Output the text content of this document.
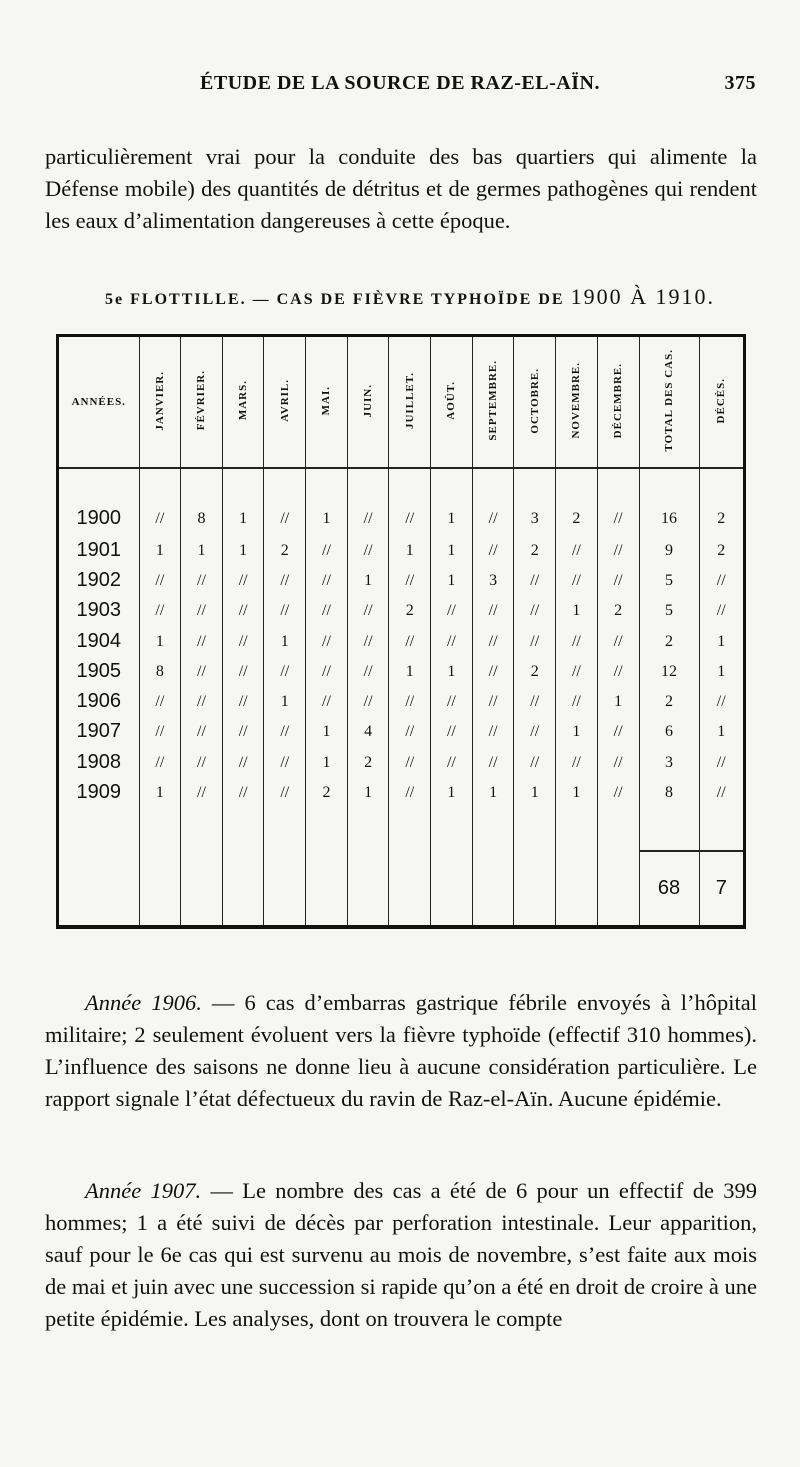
ÉTUDE DE LA SOURCE DE RAZ-EL-AÏN.	375

particulièrement vrai pour la conduite des bas quartiers qui alimente la Défense mobile) des quantités de détritus et de germes pathogènes qui rendent les eaux d’alimentation dangereuses à cette époque.

5e FLOTTILLE. — CAS DE FIÈVRE TYPHOÏDE DE 1900 À 1910.
ANNÉES.	JANVIER.	FÉVRIER.	MARS.	AVRIL.	MAI.	JUIN.	JUILLET.	AOÛT.	SEPTEMBRE.	OCTOBRE.	NOVEMBRE.	DÉCEMBRE.	TOTAL DES CAS.	DÉCÈS.
1900	//	8	1	//	1	//	//	1	//	3	2	//	16	2
1901	1	1	1	2	//	//	1	1	//	2	//	//	9	2
1902	//	//	//	//	//	1	//	1	3	//	//	//	5	//
1903	//	//	//	//	//	//	2	//	//	//	1	2	5	//
1904	1	//	//	1	//	//	//	//	//	//	//	//	2	1
1905	8	//	//	//	//	//	1	1	//	2	//	//	12	1
1906	//	//	//	1	//	//	//	//	//	//	//	1	2	//
1907	//	//	//	//	1	4	//	//	//	//	1	//	6	1
1908	//	//	//	//	1	2	//	//	//	//	//	//	3	//
1909	1	//	//	//	2	1	//	1	1	1	1	//	8	//

													68	7

Année 1906. — 6 cas d’embarras gastrique fébrile envoyés à l’hôpital militaire; 2 seulement évoluent vers la fièvre typhoïde (effectif 310 hommes). L’influence des saisons ne donne lieu à aucune considération particulière. Le rapport signale l’état défectueux du ravin de Raz-el-Aïn. Aucune épidémie.

Année 1907. — Le nombre des cas a été de 6 pour un effectif de 399 hommes; 1 a été suivi de décès par perforation intestinale. Leur apparition, sauf pour le 6e cas qui est survenu au mois de novembre, s’est faite aux mois de mai et juin avec une succession si rapide qu’on a été en droit de croire à une petite épidémie. Les analyses, dont on trouvera le compte
